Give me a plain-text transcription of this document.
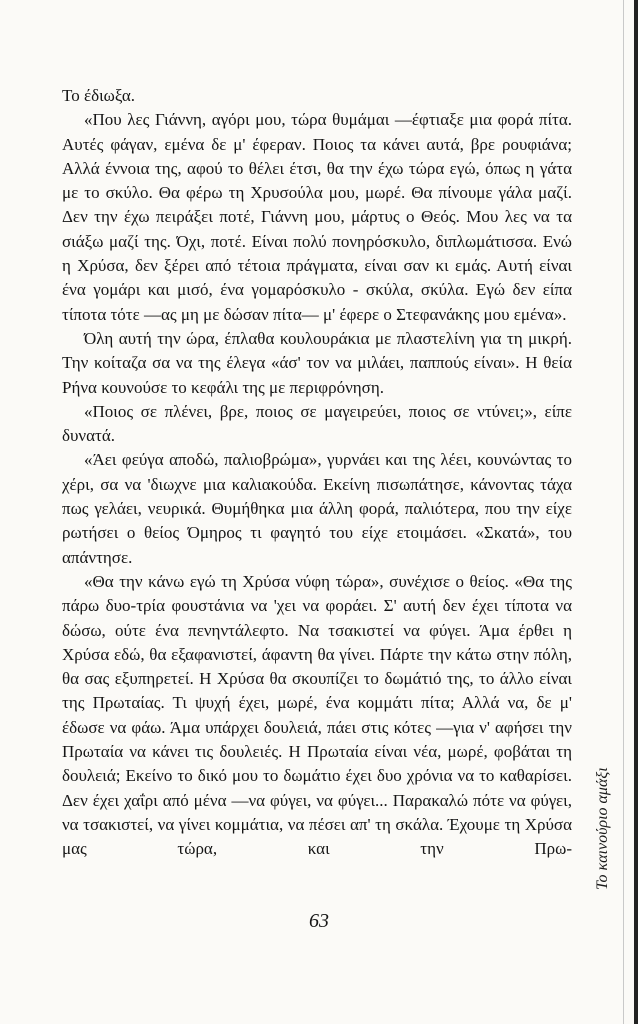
Το έδιωξα.

«Που λες Γιάννη, αγόρι μου, τώρα θυμάμαι —έφτιαξε μια φορά πίτα. Αυτές φάγαν, εμένα δε μ' έφεραν. Ποιος τα κάνει αυτά, βρε ρουφιάνα; Αλλά έννοια της, αφού το θέλει έτσι, θα την έχω τώρα εγώ, όπως η γάτα με το σκύλο. Θα φέρω τη Χρυσούλα μου, μωρέ. Θα πίνουμε γάλα μαζί. Δεν την έχω πειράξει ποτέ, Γιάννη μου, μάρτυς ο Θεός. Μου λες να τα σιάξω μαζί της. Όχι, ποτέ. Είναι πολύ πονηρόσκυλο, διπλωμάτισσα. Ενώ η Χρύσα, δεν ξέρει από τέτοια πράγματα, είναι σαν κι εμάς. Αυτή είναι ένα γομάρι και μισό, ένα γομαρόσκυλο - σκύλα, σκύλα. Εγώ δεν είπα τίποτα τότε —ας μη με δώσαν πίτα— μ' έφερε ο Στεφανάκης μου εμένα».

Όλη αυτή την ώρα, έπλαθα κουλουράκια με πλαστελίνη για τη μικρή. Την κοίταζα σα να της έλεγα «άσ' τον να μιλάει, παππούς είναι». Η θεία Ρήνα κουνούσε το κεφάλι της με περιφρόνηση.

«Ποιος σε πλένει, βρε, ποιος σε μαγειρεύει, ποιος σε ντύνει;», είπε δυνατά.

«Άει φεύγα αποδώ, παλιοβρώμα», γυρνάει και της λέει, κουνώντας το χέρι, σα να 'διωχνε μια καλιακούδα. Εκείνη πισωπάτησε, κάνοντας τάχα πως γελάει, νευρικά. Θυμήθηκα μια άλλη φορά, παλιότερα, που την είχε ρωτήσει ο θείος Όμηρος τι φαγητό του είχε ετοιμάσει. «Σκατά», του απάντησε.

«Θα την κάνω εγώ τη Χρύσα νύφη τώρα», συνέχισε ο θείος. «Θα της πάρω δυο-τρία φουστάνια να 'χει να φοράει. Σ' αυτή δεν έχει τίποτα να δώσω, ούτε ένα πενηντάλεφτο. Να τσακιστεί να φύγει. Άμα έρθει η Χρύσα εδώ, θα εξαφανιστεί, άφαντη θα γίνει. Πάρτε την κάτω στην πόλη, θα σας εξυπηρετεί. Η Χρύσα θα σκουπίζει το δωμάτιό της, το άλλο είναι της Πρωταίας. Τι ψυχή έχει, μωρέ, ένα κομμάτι πίτα; Αλλά να, δε μ' έδωσε να φάω. Άμα υπάρχει δουλειά, πάει στις κότες —για ν' αφήσει την Πρωταία να κάνει τις δουλειές. Η Πρωταία είναι νέα, μωρέ, φοβάται τη δουλειά; Εκείνο το δικό μου το δωμάτιο έχει δυο χρόνια να το καθαρίσει. Δεν έχει χαΐρι από μένα —να φύγει, να φύγει... Παρακαλώ πότε να φύγει, να τσακιστεί, να γίνει κομμάτια, να πέσει απ' τη σκάλα. Έχουμε τη Χρύσα μας τώρα, και την Πρω-

63
Το καινούριο αμάξι
